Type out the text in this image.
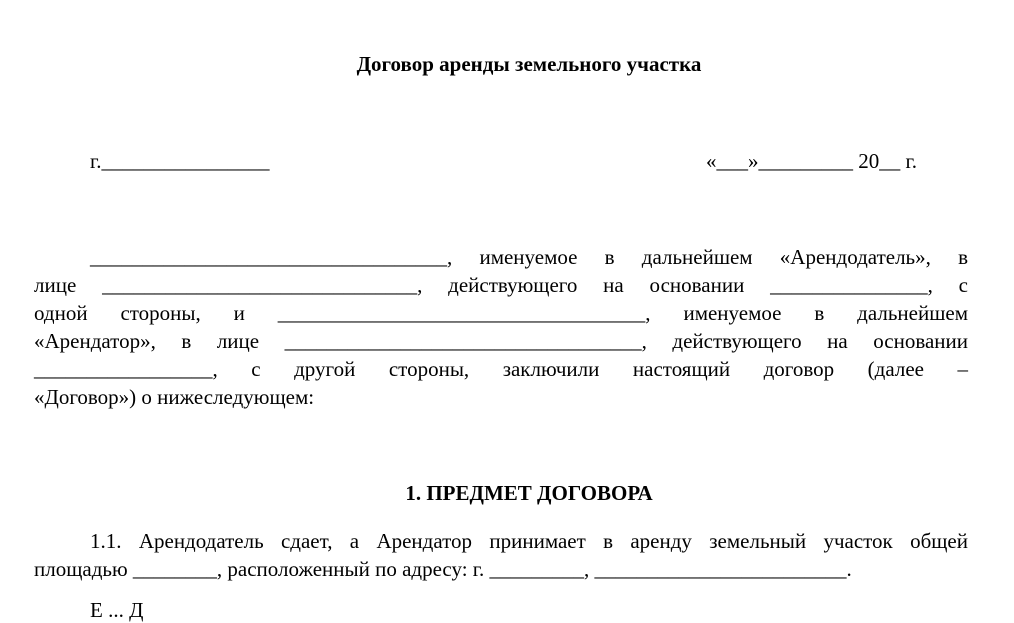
Договор аренды земельного участка
г.________________	«___»_________ 20__ г.
__________________________________, именуемое в дальнейшем «Арендодатель», в
лице ______________________________, действующего на основании _______________, с
одной стороны, и ___________________________________, именуемое в дальнейшем
«Арендатор», в лице __________________________________, действующего на основании
_________________, с другой стороны, заключили настоящий договор (далее –
«Договор») о нижеследующем:
1. ПРЕДМЕТ ДОГОВОРА
1.1. Арендодатель сдает, а Арендатор принимает в аренду земельный участок общей
площадью ________, расположенный по адресу: г. _________, ________________________.
Е ... Д
